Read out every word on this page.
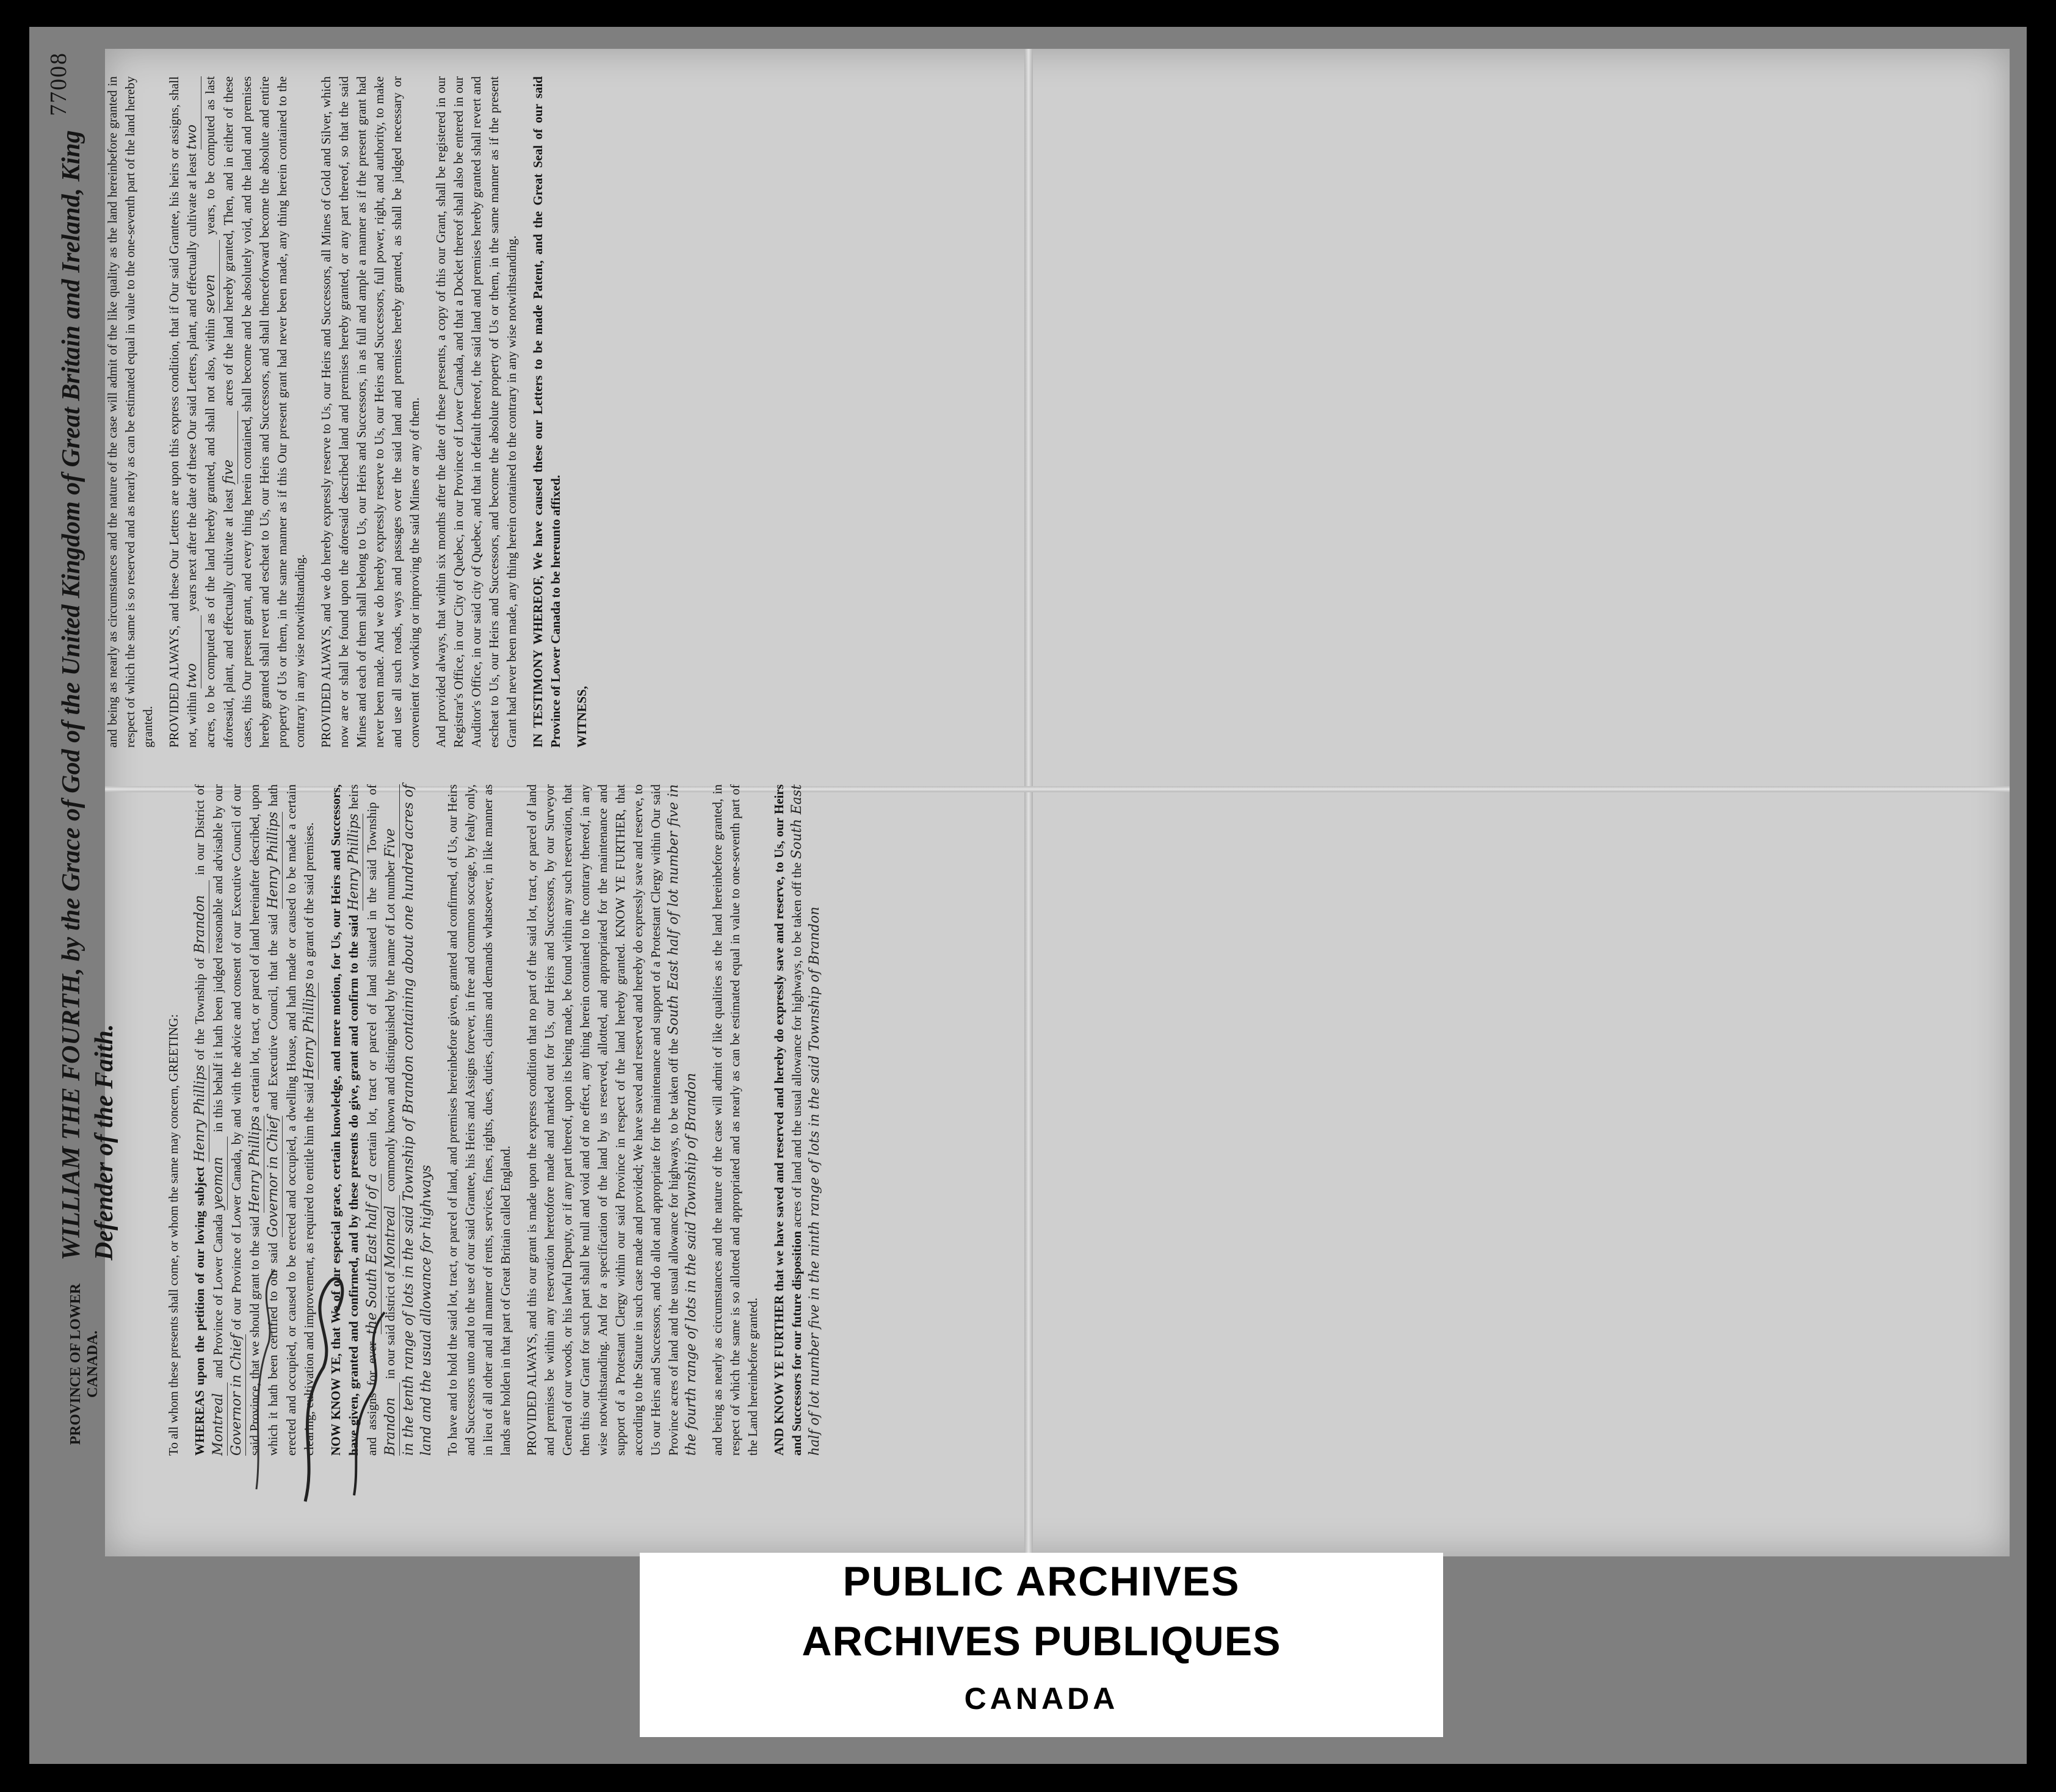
77008
PROVINCE OF LOWER CANADA.
WILLIAM THE FOURTH, by the Grace of God of the United Kingdom of Great Britain and Ireland, King Defender of the Faith.	To all whom these presents shall come, or whom the same may concern, GREETING: WHEREAS upon the petition of our loving subject Henry Phillips of the Township of Brandon in our District of Montreal and Province of Lower Canada yeoman in this behalf it hath been judged reasonable and advisable by our Governor in Chief of our Province of Lower Canada, by and with the advice and consent of our Executive Council of our said Province, that we should grant to the said Henry Phillips a certain lot, tract, or parcel of land hereinafter described, upon which it hath been certified to our said Governor in Chief and Executive Council, that the said Henry Phillips hath erected and occupied, or caused to be erected and occupied, a dwelling House, and hath made or caused to be made a certain clearing, cultivation and improvement, as required to entitle him the said Henry Phillips to a grant of the said premises. NOW KNOW YE, that We of our especial grace, certain knowledge, and mere motion, for Us, our Heirs and Successors, have given, granted and confirmed, and by these presents do give, grant and confirm to the said Henry Phillips heirs and assigns for ever the South East half of a certain lot, tract or parcel of land situated in the said Township of Brandon in our said district of Montreal commonly known and distinguished by the name of Lot number Five in the tenth range of lots in the said Township of Brandon containing about one hundred acres of land and the usual allowance for highways To have and to hold the said lot, tract, or parcel of land, and premises hereinbefore given, granted and confirmed, of Us, our Heirs and Successors unto and to the use of our said Grantee, his Heirs and Assigns forever, in free and common soccage, by fealty only, in lieu of all other and all manner of rents, services, fines, rights, dues, duties, claims and demands whatsoever, in like manner as lands are holden in that part of Great Britain called England. PROVIDED ALWAYS, and this our grant is made upon the express condition that no part of the said lot, tract, or parcel of land and premises be within any reservation heretofore made and marked out for Us, our Heirs and Successors, by our Surveyor General of our woods, or his lawful Deputy, or if any part thereof, upon its being made, be found within any such reservation, that then this our Grant for such part shall be null and void and of no effect, any thing herein contained to the contrary thereof, in any wise notwithstanding. And for a specification of the land by us reserved, allotted, and appropriated for the maintenance and support of a Protestant Clergy within our said Province in respect of the land hereby granted. KNOW YE FURTHER, that according to the Statute in such case made and provided; We have saved and reserved and hereby do expressly save and reserve, to Us our Heirs and Successors, and do allot and appropriate for the maintenance and support of a Protestant Clergy within Our said Province acres of land and the usual allowance for highways, to be taken off the South East half of lot number five in the fourth range of lots in the said Township of Brandon and being as nearly as circumstances and the nature of the case will admit of like qualities as the land hereinbefore granted, in respect of which the same is so allotted and appropriated and as nearly as can be estimated equal in value to one-seventh part of the Land hereinbefore granted. AND KNOW YE FURTHER that we have saved and reserved and hereby do expressly save and reserve, to Us, our Heirs and Successors for our future disposition acres of land and the usual allowance for highways, to be taken off the South East half of lot number five in the ninth range of lots in the said Township of Brandon

and being as nearly as circumstances and the nature of the case will admit of the like quality as the land hereinbefore granted in respect of which the same is so reserved and as nearly as can be estimated equal in value to the one-seventh part of the land hereby granted. PROVIDED ALWAYS, and these Our Letters are upon this express condition, that if Our said Grantee, his heirs or assigns, shall not, within two years next after the date of these Our said Letters, plant, and effectually cultivate at least two acres, to be computed as of the land hereby granted, and shall not also, within seven years, to be computed as last aforesaid, plant, and effectually cultivate at least five acres of the land hereby granted, Then, and in either of these cases, this Our present grant, and every thing herein contained, shall become and be absolutely void, and the land and premises hereby granted shall revert and escheat to Us, our Heirs and Successors, and shall thenceforward become the absolute and entire property of Us or them, in the same manner as if this Our present grant had never been made, any thing herein contained to the contrary in any wise notwithstanding. PROVIDED ALWAYS, and we do hereby expressly reserve to Us, our Heirs and Successors, all Mines of Gold and Silver, which now are or shall be found upon the aforesaid described land and premises hereby granted, or any part thereof, so that the said Mines and each of them shall belong to Us, our Heirs and Successors, in as full and ample a manner as if the present grant had never been made. And we do hereby expressly reserve to Us, our Heirs and Successors, full power, right, and authority, to make and use all such roads, ways and passages over the said land and premises hereby granted, as shall be judged necessary or convenient for working or improving the said Mines or any of them. And provided always, that within six months after the date of these presents, a copy of this our Grant, shall be registered in our Registrar's Office, in our City of Quebec, in our Province of Lower Canada, and that a Docket thereof shall also be entered in our Auditor's Office, in our said city of Quebec, and that in default thereof, the said land and premises hereby granted shall revert and escheat to Us, our Heirs and Successors, and become the absolute property of Us or them, in the same manner as if the present Grant had never been made, any thing herein contained to the contrary in any wise notwithstanding. IN TESTIMONY WHEREOF, We have caused these our Letters to be made Patent, and the Great Seal of our said Province of Lower Canada to be hereunto affixed. WITNESS,

PUBLIC ARCHIVES
ARCHIVES PUBLIQUES
CANADA
